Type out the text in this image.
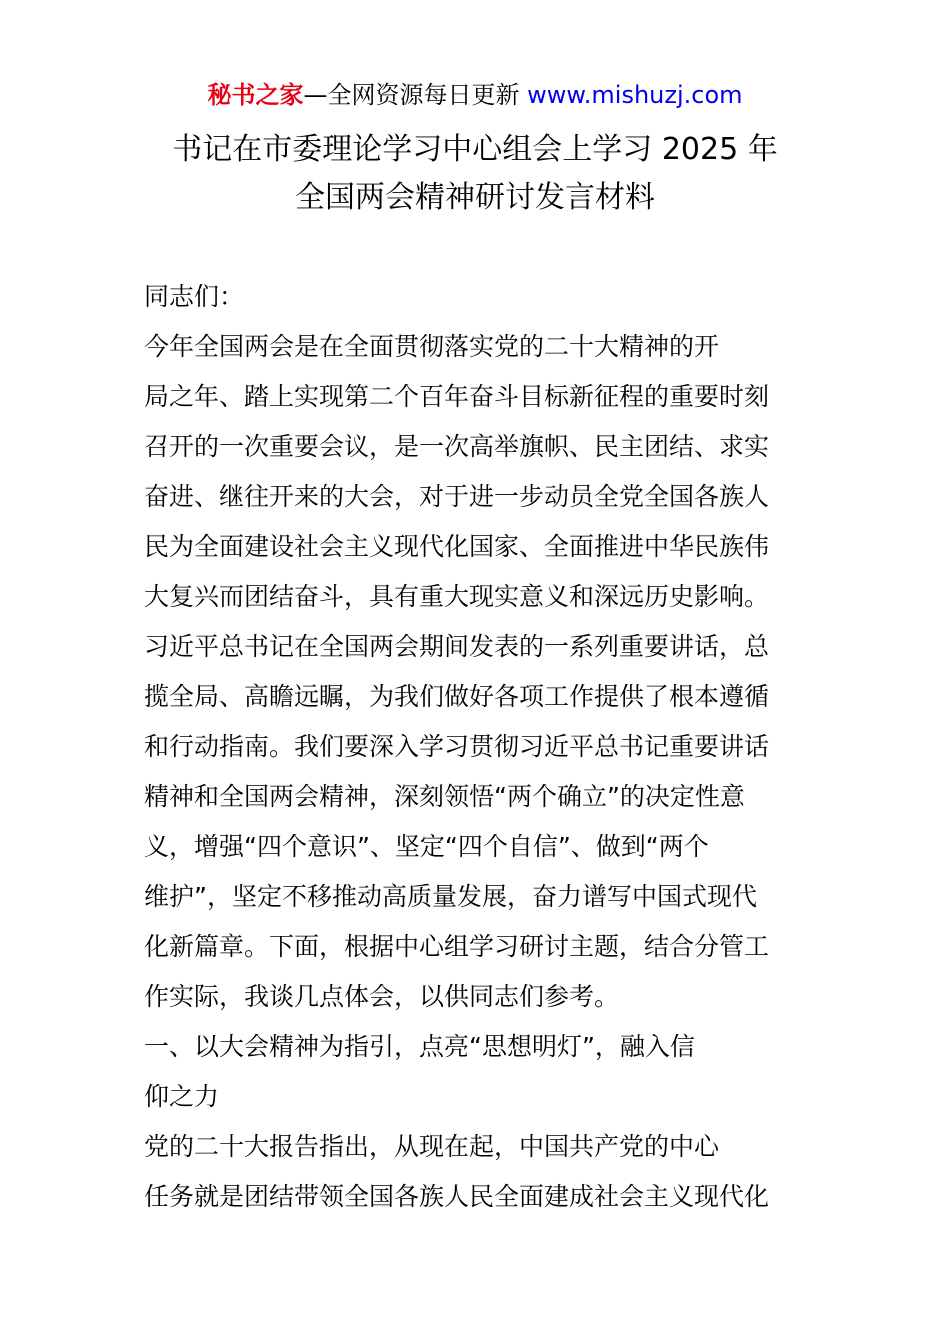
秘书之家—全网资源每日更新 www.mishuzj.com
书记在市委理论学习中心组会上学习 2025 年
全国两会精神研讨发言材料
同志们：
今年全国两会是在全面贯彻落实党的二十大精神的开
局之年、踏上实现第二个百年奋斗目标新征程的重要时刻
召开的一次重要会议，是一次高举旗帜、民主团结、求实
奋进、继往开来的大会，对于进一步动员全党全国各族人
民为全面建设社会主义现代化国家、全面推进中华民族伟
大复兴而团结奋斗，具有重大现实意义和深远历史影响。
习近平总书记在全国两会期间发表的一系列重要讲话，总
揽全局、高瞻远瞩，为我们做好各项工作提供了根本遵循
和行动指南。我们要深入学习贯彻习近平总书记重要讲话
精神和全国两会精神，深刻领悟“两个确立”的决定性意
义，增强“四个意识”、坚定“四个自信”、做到“两个
维护”，坚定不移推动高质量发展，奋力谱写中国式现代
化新篇章。下面，根据中心组学习研讨主题，结合分管工
作实际，我谈几点体会，以供同志们参考。
一、以大会精神为指引，点亮“思想明灯”，融入信
仰之力
党的二十大报告指出，从现在起，中国共产党的中心
任务就是团结带领全国各族人民全面建成社会主义现代化
